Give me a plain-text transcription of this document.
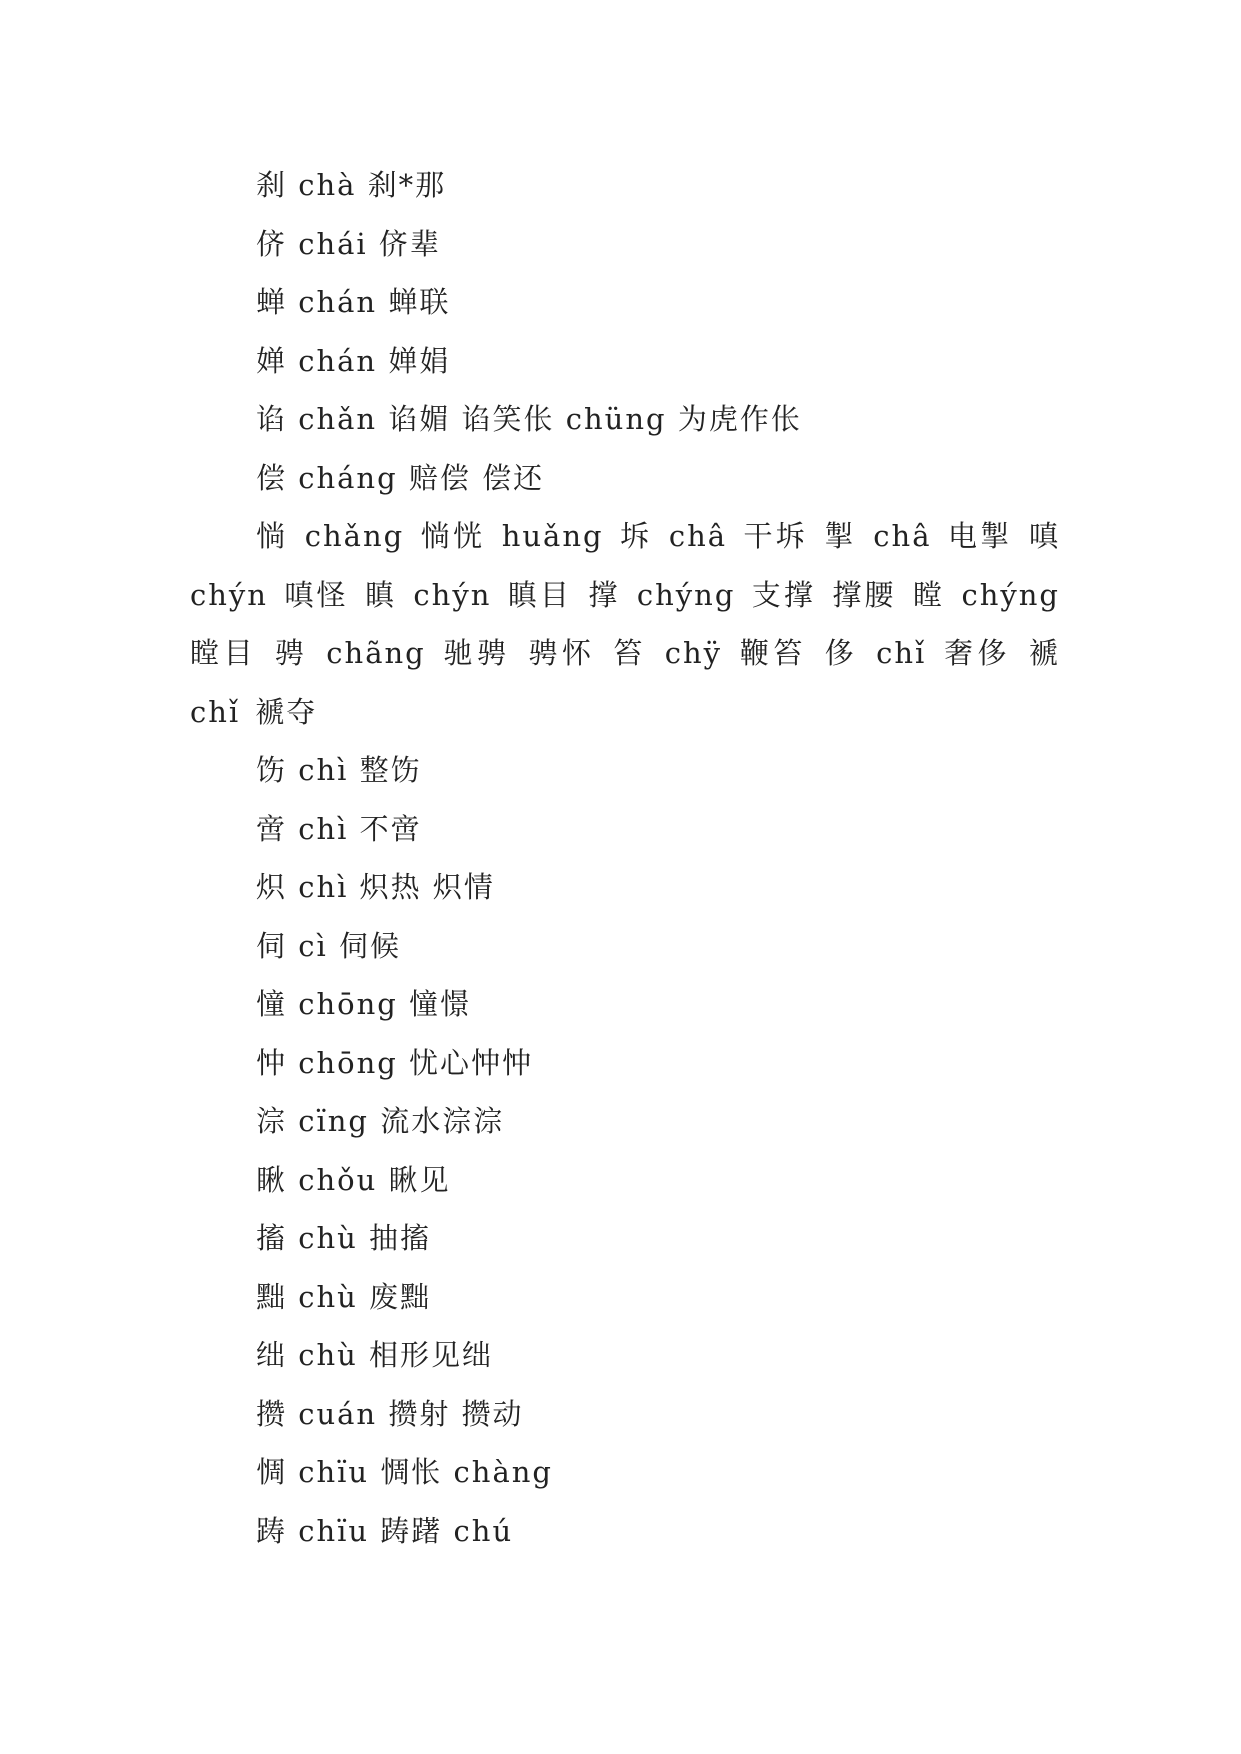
刹 chà 刹*那
侪 chái 侪辈
蝉 chán 蝉联
婵 chán 婵娟
谄 chǎn 谄媚 谄笑伥 chüng 为虎作伥
偿 cháng 赔偿 偿还
惝 chǎng 惝恍 huǎng 坼 châ 干坼 掣 châ 电掣 嗔 chýn 嗔怪 瞋 chýn 瞋目 撑 chýng 支撑 撑腰 瞠 chýng 瞠目 骋 chãng 驰骋 骋怀 笞 chÿ 鞭笞 侈 chǐ 奢侈 褫 chǐ 褫夺
饬 chì 整饬
啻 chì 不啻
炽 chì 炽热 炽情
伺 cì 伺候
憧 chōng 憧憬
忡 chōng 忧心忡忡
淙 cïng 流水淙淙
瞅 chǒu 瞅见
搐 chù 抽搐
黜 chù 废黜
绌 chù 相形见绌
攒 cuán 攒射 攒动
惆 chïu 惆怅 chàng
踌 chïu 踌躇 chú
